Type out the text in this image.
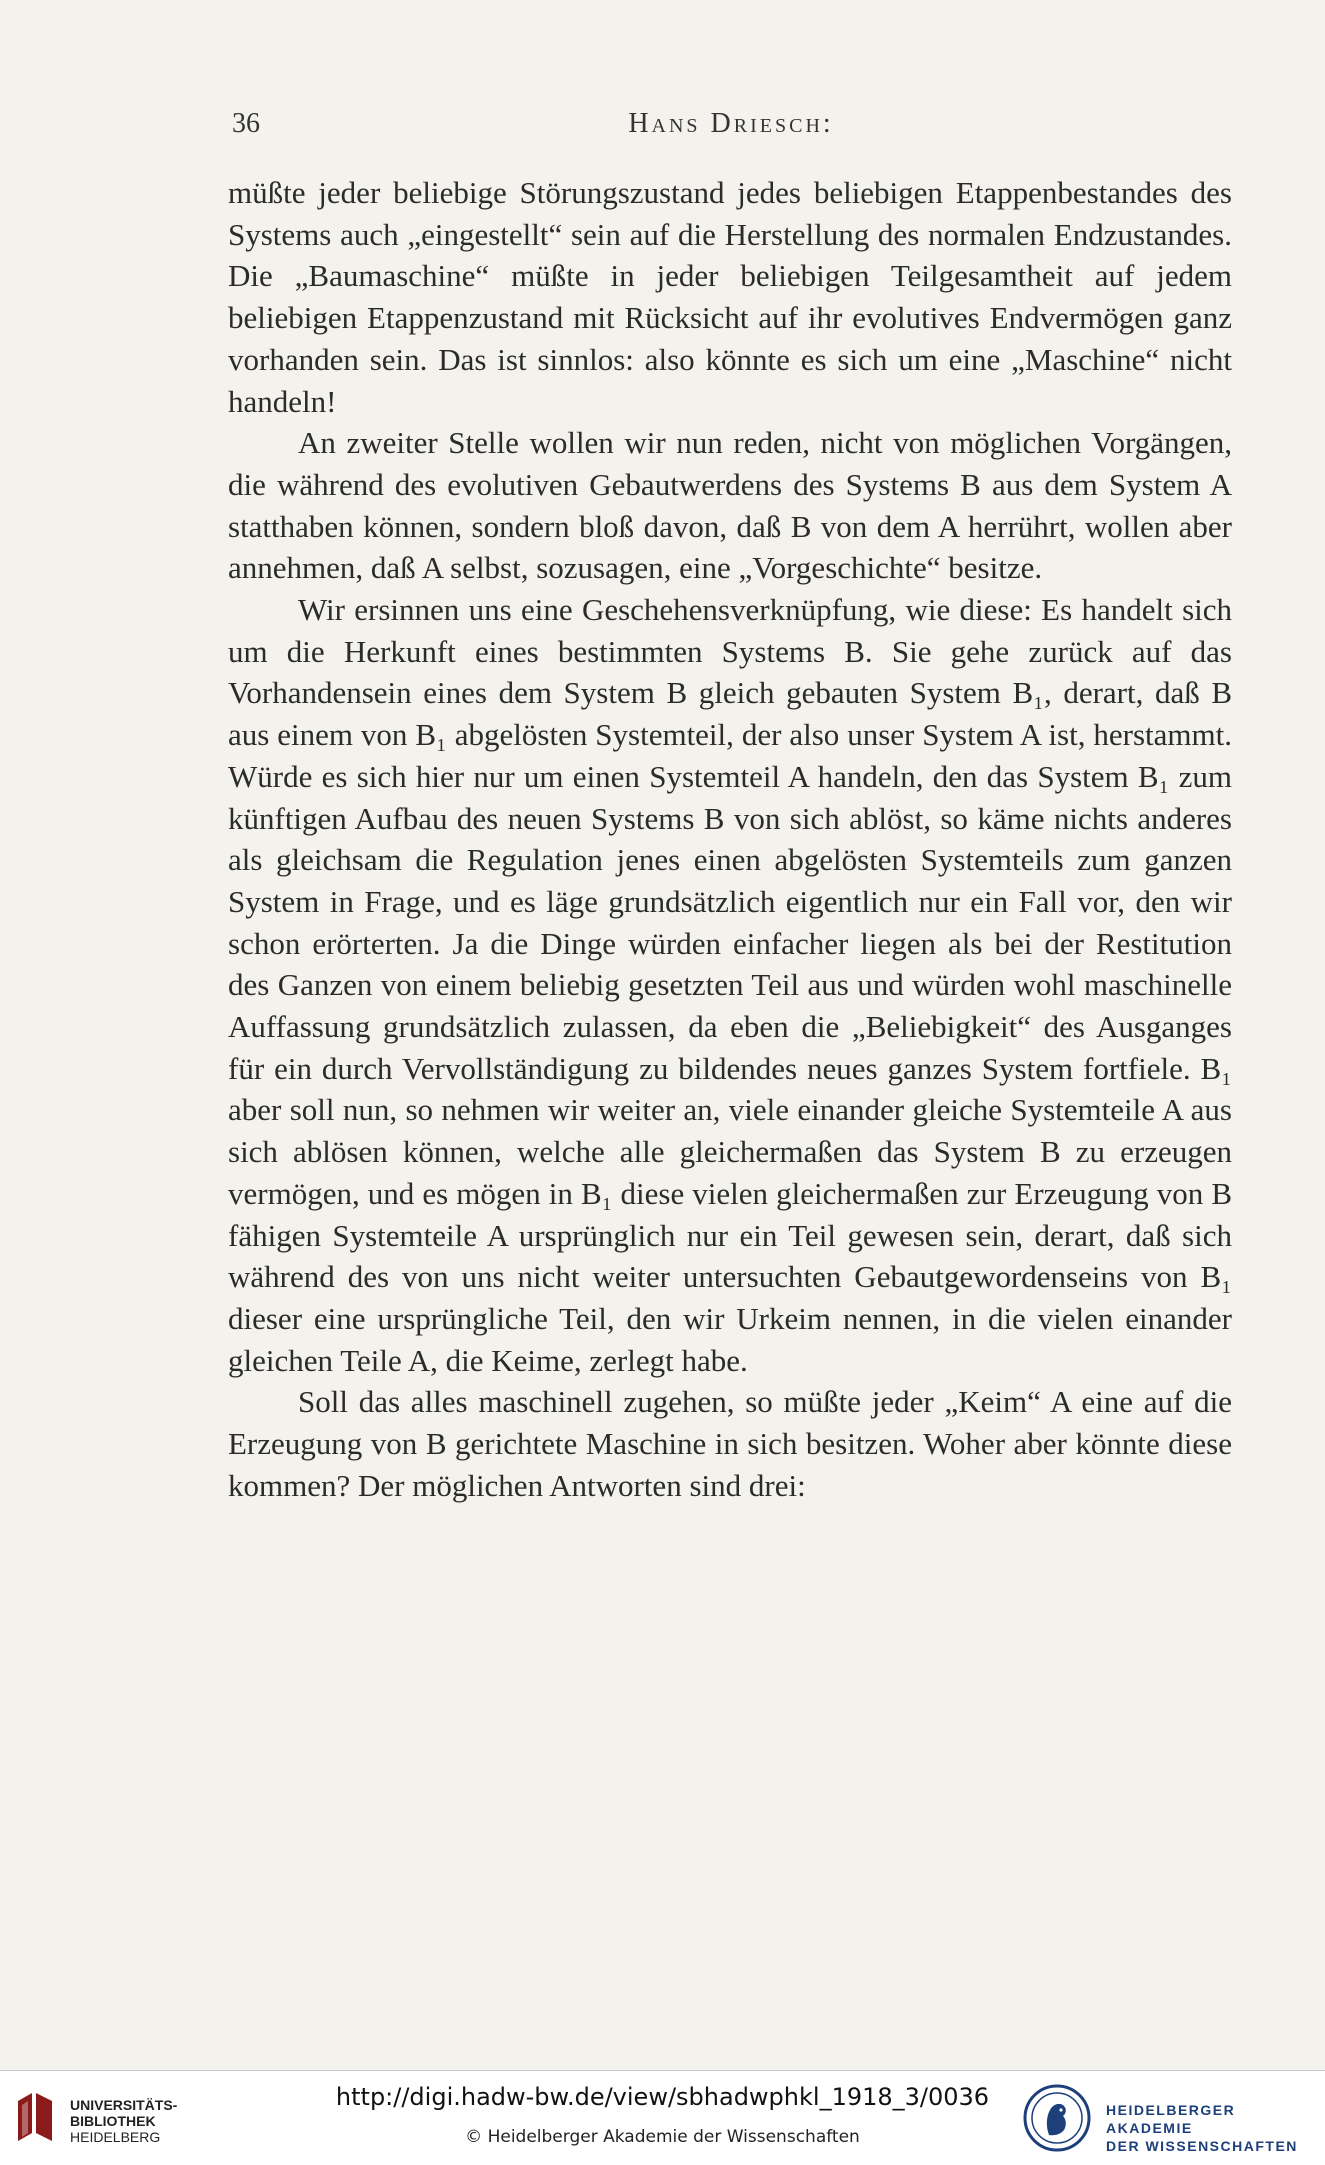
36	Hans Driesch:

müßte jeder beliebige Störungszustand jedes beliebigen Etappenbestandes des Systems auch „eingestellt“ sein auf die Herstellung des normalen Endzustandes. Die „Baumaschine“ müßte in jeder beliebigen Teilgesamtheit auf jedem beliebigen Etappenzustand mit Rücksicht auf ihr evolutives Endvermögen ganz vorhanden sein. Das ist sinnlos: also könnte es sich um eine „Maschine“ nicht handeln!

An zweiter Stelle wollen wir nun reden, nicht von möglichen Vorgängen, die während des evolutiven Gebautwerdens des Systems B aus dem System A statthaben können, sondern bloß davon, daß B von dem A herrührt, wollen aber annehmen, daß A selbst, sozusagen, eine „Vorgeschichte“ besitze.

Wir ersinnen uns eine Geschehensverknüpfung, wie diese: Es handelt sich um die Herkunft eines bestimmten Systems B. Sie gehe zurück auf das Vorhandensein eines dem System B gleich gebauten System B₁, derart, daß B aus einem von B₁ abgelösten Systemteil, der also unser System A ist, herstammt. Würde es sich hier nur um einen Systemteil A handeln, den das System B₁ zum künftigen Aufbau des neuen Systems B von sich ablöst, so käme nichts anderes als gleichsam die Regulation jenes einen abgelösten Systemteils zum ganzen System in Frage, und es läge grundsätzlich eigentlich nur ein Fall vor, den wir schon erörterten. Ja die Dinge würden einfacher liegen als bei der Restitution des Ganzen von einem beliebig gesetzten Teil aus und würden wohl maschinelle Auffassung grundsätzlich zulassen, da eben die „Beliebigkeit“ des Ausganges für ein durch Vervollständigung zu bildendes neues ganzes System fortfiele. B₁ aber soll nun, so nehmen wir weiter an, viele einander gleiche Systemteile A aus sich ablösen können, welche alle gleichermaßen das System B zu erzeugen vermögen, und es mögen in B₁ diese vielen gleichermaßen zur Erzeugung von B fähigen Systemteile A ursprünglich nur ein Teil gewesen sein, derart, daß sich während des von uns nicht weiter untersuchten Gebautgewordenseins von B₁ dieser eine ursprüngliche Teil, den wir Urkeim nennen, in die vielen einander gleichen Teile A, die Keime, zerlegt habe.

Soll das alles maschinell zugehen, so müßte jeder „Keim“ A eine auf die Erzeugung von B gerichtete Maschine in sich besitzen. Woher aber könnte diese kommen? Der möglichen Antworten sind drei:

UNIVERSITÄTS-
BIBLIOTHEK
HEIDELBERG
http://digi.hadw-bw.de/view/sbhadwphkl_1918_3/0036
© Heidelberger Akademie der Wissenschaften
HEIDELBERGER AKADEMIE
DER WISSENSCHAFTEN
